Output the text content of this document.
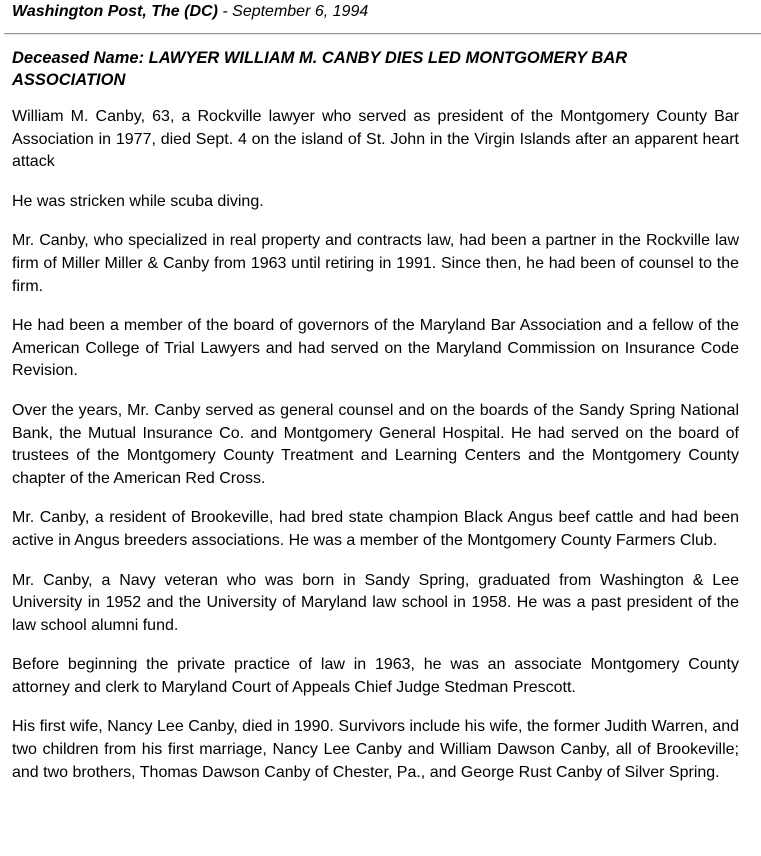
Washington Post, The (DC) - September 6, 1994
Deceased Name: LAWYER WILLIAM M. CANBY DIES LED MONTGOMERY BAR ASSOCIATION

William M. Canby, 63, a Rockville lawyer who served as president of the Montgomery County Bar Association in 1977, died Sept. 4 on the island of St. John in the Virgin Islands after an apparent heart attack

He was stricken while scuba diving.

Mr. Canby, who specialized in real property and contracts law, had been a partner in the Rockville law firm of Miller Miller & Canby from 1963 until retiring in 1991. Since then, he had been of counsel to the firm.

He had been a member of the board of governors of the Maryland Bar Association and a fellow of the American College of Trial Lawyers and had served on the Maryland Commission on Insurance Code Revision.

Over the years, Mr. Canby served as general counsel and on the boards of the Sandy Spring National Bank, the Mutual Insurance Co. and Montgomery General Hospital. He had served on the board of trustees of the Montgomery County Treatment and Learning Centers and the Montgomery County chapter of the American Red Cross.

Mr. Canby, a resident of Brookeville, had bred state champion Black Angus beef cattle and had been active in Angus breeders associations. He was a member of the Montgomery County Farmers Club.

Mr. Canby, a Navy veteran who was born in Sandy Spring, graduated from Washington & Lee University in 1952 and the University of Maryland law school in 1958. He was a past president of the law school alumni fund.

Before beginning the private practice of law in 1963, he was an associate Montgomery County attorney and clerk to Maryland Court of Appeals Chief Judge Stedman Prescott.

His first wife, Nancy Lee Canby, died in 1990. Survivors include his wife, the former Judith Warren, and two children from his first marriage, Nancy Lee Canby and William Dawson Canby, all of Brookeville; and two brothers, Thomas Dawson Canby of Chester, Pa., and George Rust Canby of Silver Spring.
